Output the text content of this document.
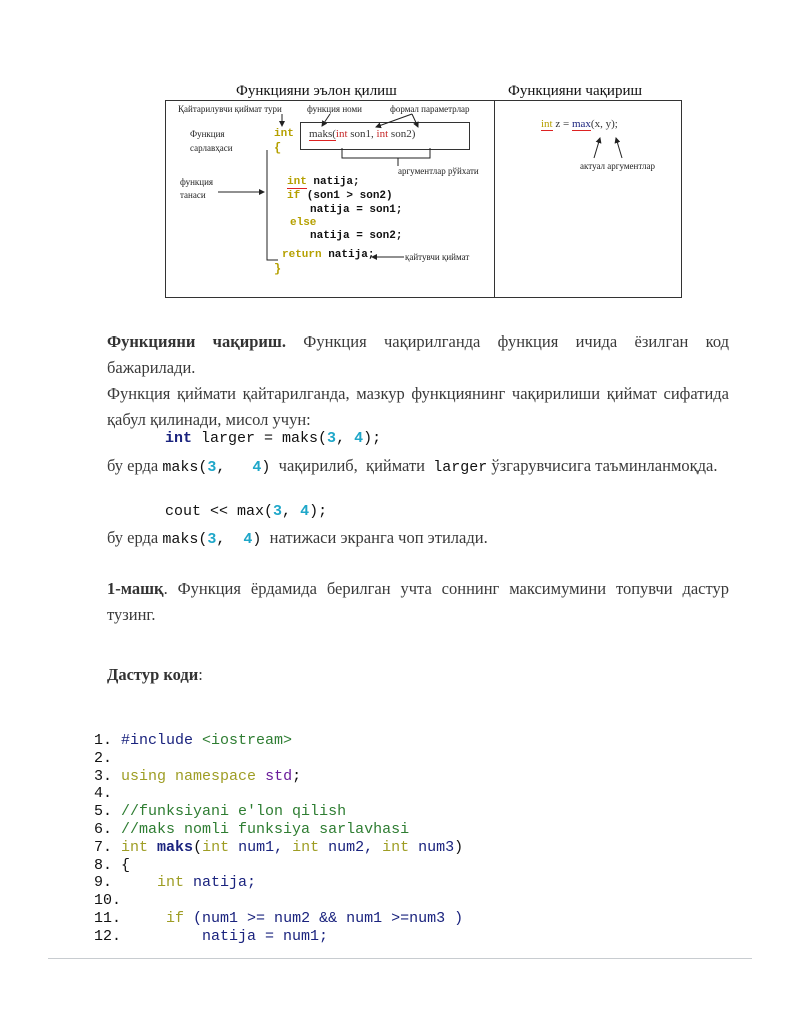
Функцияни эълон қилиш	Функцияни чақириш
Қайтарилувчи қиймат тури	функция номи	формал параметрлар
Функция
сарлавҳаси
аргументлар рўйхати
функция
танаси
қайтувчи қиймат
актуал аргументлар
int
{
maks(int son1, int son2)
int natija;
if (son1 > son2)
natija = son1;
else
natija = son2;
return natija;
}
int z = max(x, y);
Функцияни чақириш. Функция чақирилганда функция ичида ёзилган код бажарилади.
Функция қиймати қайтарилганда, мазкур функциянинг чақирилиши қиймат сифатида қабул қилинади, мисол учун:
int larger = maks(3, 4);
бу ерда maks(3,   4)  чақирилиб,  қиймати  larger ўзгарувчисига таъминланмоқда.
cout << max(3, 4);
бу ерда maks(3,  4)  натижаси экранга чоп этилади.
1-машқ. Функция ёрдамида берилган учта соннинг максимумини топувчи дастур тузинг.
Дастур коди:
1. #include <iostream>
2.
3. using namespace std;
4.
5. //funksiyani e'lon qilish
6. //maks nomli funksiya sarlavhasi
7. int maks(int num1, int num2, int num3)
8. {
9.	int natija;
10.
11.	if (num1 >= num2 && num1 >=num3 )
12.	natija = num1;
